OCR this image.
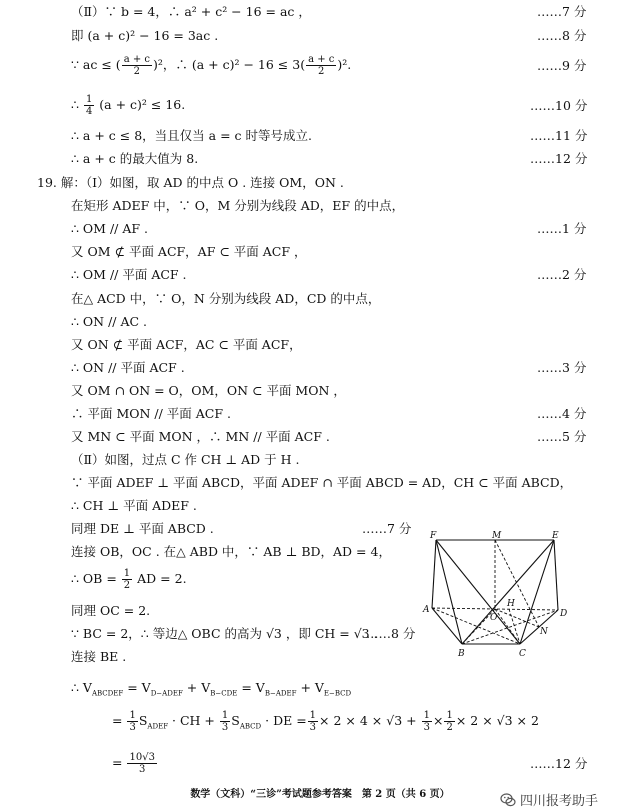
（Ⅱ）∵ b = 4，∴ a² + c² − 16 = ac ，	……7 分
即 (a + c)² − 16 = 3ac .	……8 分
∵ ac ≤ ( $\frac{a + c}{2} )^2$，∴ $(a + c)^2 - 16 \le 3( \frac{a + c}{2} )^2$.	……9 分
∴ $\frac{1}{4} (a + c)^2 \le 16$.	……10 分
∴ a + c ≤ 8，当且仅当 a = c 时等号成立.	……11 分
∴ a + c 的最大值为 8.	……12 分
19. 解：（Ⅰ）如图，取 AD 的中点 O . 连接 OM，ON .
在矩形 ADEF 中，∵ O，M 分别为线段 AD，EF 的中点，
∴ OM // AF .	……1 分
又 OM ⊄ 平面 ACF，AF ⊂ 平面 ACF ，
∴ OM // 平面 ACF .	……2 分
在△ ACD 中，∵ O，N 分别为线段 AD，CD 的中点，
∴ ON // AC .
又 ON ⊄ 平面 ACF，AC ⊂ 平面 ACF，
∴ ON // 平面 ACF .	……3 分
又 OM ∩ ON = O，OM，ON ⊂ 平面 MON ，
∴ 平面 MON // 平面 ACF .	……4 分
又 MN ⊂ 平面 MON ，∴ MN // 平面 ACF .	……5 分
（Ⅱ）如图，过点 C 作 CH ⊥ AD 于 H .
∵ 平面 ADEF ⊥ 平面 ABCD，平面 ADEF ∩ 平面 ABCD = AD，CH ⊂ 平面 ABCD，
∴ CH ⊥ 平面 ADEF .
同理 DE ⊥ 平面 ABCD .	……7 分
连接 OB，OC . 在△ ABD 中，∵ AB ⊥ BD，AD = 4，
∴ OB = $\frac{1}{2}$ AD = 2.
同理 OC = 2.
∵ BC = 2，∴ 等边△ OBC 的高为 √3 ，即 CH = √3 .
……8 分
连接 BE .
∴ $V_{ABCDEF} = V_{D-ADEF} + V_{B-CDE} = V_{B-ADEF} + V_{E-BCD}$
= $\frac{1}{3} S_{ADEF}$ · CH + $\frac{1}{3} S_{ABCD}$ · DE = $\frac{1}{3} \times 2 \times 4 \times √3 + \frac{1}{3} \times \frac{1}{2} \times 2 \times √3 \times 2$
= $\frac{10√3}{3}$	……12 分
F	M	E
A
O
H
D
N
B	C
数学（文科）“三诊”考试题参考答案　第 2 页（共 6 页）	四川报考助手
